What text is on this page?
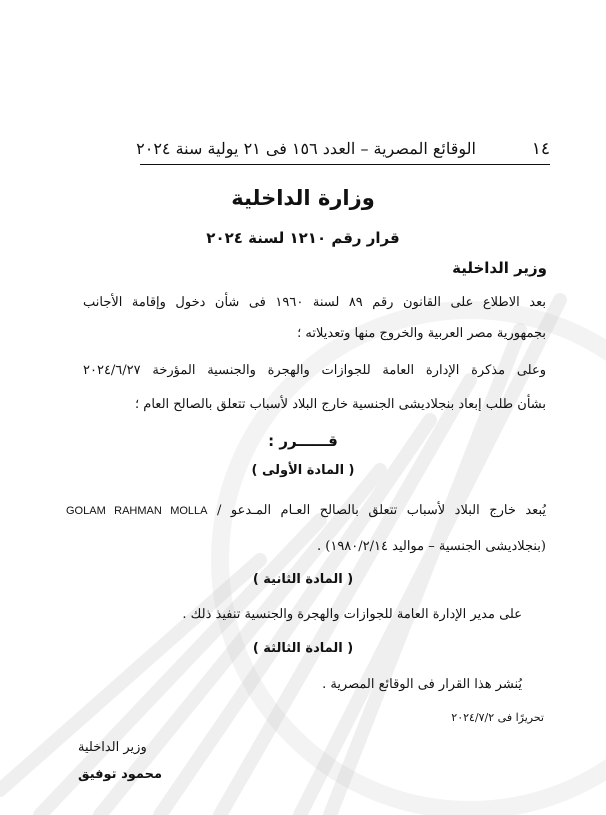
الوقائع المصرية – العدد ١٥٦ فى ٢١ يولية سنة ٢٠٢٤	١٤
وزارة الداخلية
قرار رقم ١٢١٠ لسنة ٢٠٢٤
وزير الداخلية
بعد الاطلاع على القانون رقم ٨٩ لسنة ١٩٦٠ فى شأن دخول وإقامة الأجانب
بجمهورية مصر العربية والخروج منها وتعديلاته ؛
وعلى مذكرة الإدارة العامة للجوازات والهجرة والجنسية المؤرخة ٢٠٢٤/٦/٢٧
بشأن طلب إبعاد بنجلاديشى الجنسية خارج البلاد لأسباب تتعلق بالصالح العام ؛
قــــــرر :
( المادة الأولى )
يُبعد خارج البلاد لأسباب تتعلق بالصالح العـام المـدعو / GOLAM RAHMAN MOLLA
(بنجلاديشى الجنسية – مواليد ١٩٨٠/٢/١٤) .
( المادة الثانية )
على مدير الإدارة العامة للجوازات والهجرة والجنسية تنفيذ ذلك .
( المادة الثالثة )
يُنشر هذا القرار فى الوقائع المصرية .
تحريرًا فى ٢٠٢٤/٧/٢
وزير الداخلية
محمود توفيق
